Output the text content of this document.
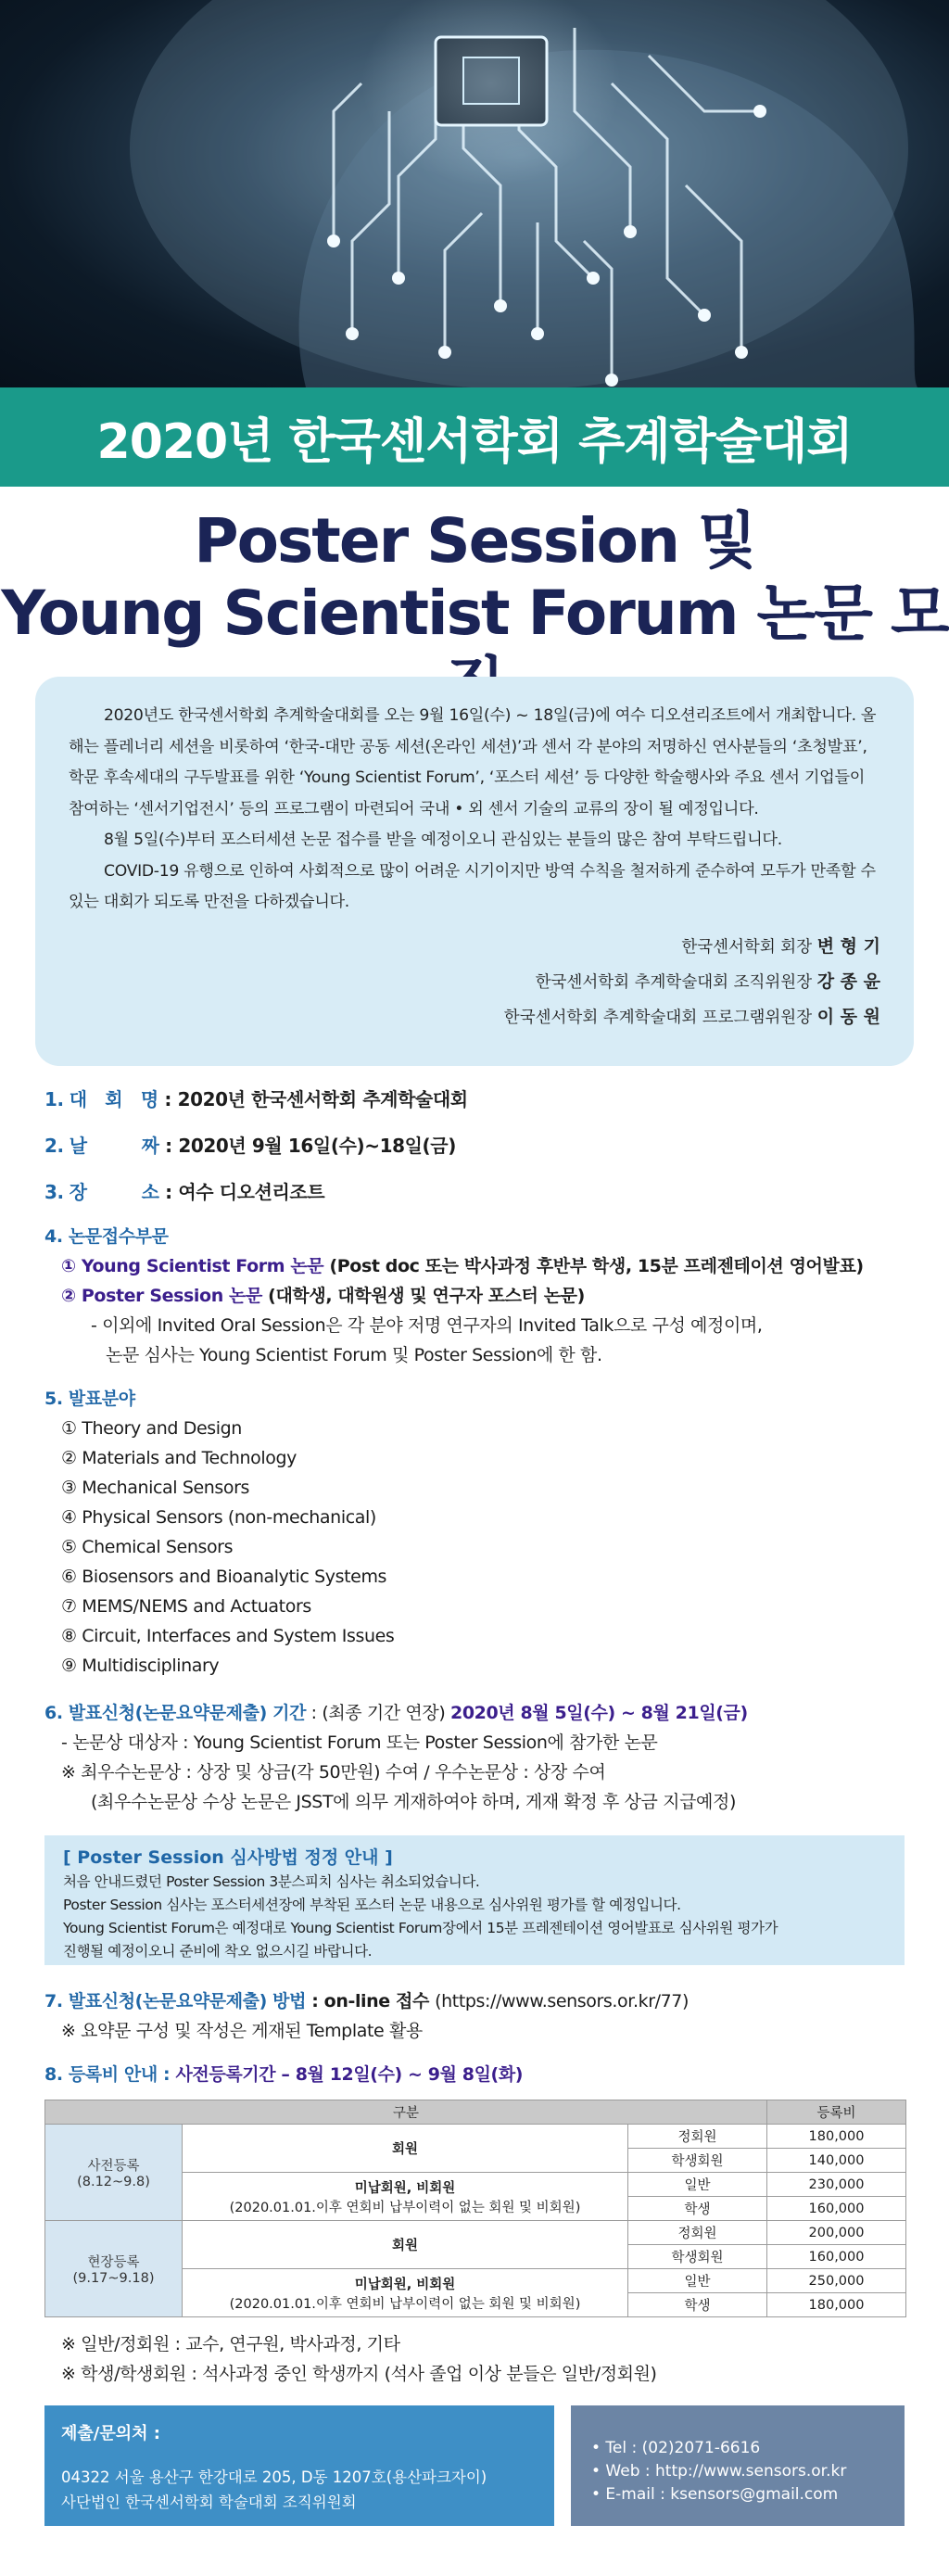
2020년 한국센서학회 추계학술대회
Poster Session 및
Young Scientist Forum 논문 모

2020년도 한국센서학회 추계학술대회를 오는 9월 16일(수) ~ 18일(금)에 여수 디오션리조트에서 개최합니다. 올해는 플레너리 세션을 비롯하여 ‘한국-대만 공동 세션(온라인 세션)’과 센서 각 분야의 저명하신 연사분들의 ‘초청발표’, 학문 후속세대의 구두발표를 위한 ‘Young Scientist Forum’, ‘포스터 세션’ 등 다양한 학술행사와 주요 센서 기업들이 참여하는 ‘센서기업전시’ 등의 프로그램이 마련되어 국내 • 외 센서 기술의 교류의 장이 될 예정입니다.

8월 5일(수)부터 포스터세션 논문 접수를 받을 예정이오니 관심있는 분들의 많은 참여 부탁드립니다.

COVID-19 유행으로 인하여 사회적으로 많이 어려운 시기이지만 방역 수칙을 철저하게 준수하여 모두가 만족할 수 있는 대회가 되도록 만전을 다하겠습니다.

한국센서학회 회장 변 형 기
한국센서학회 추계학술대회 조직위원장 강 종 윤
한국센서학회 추계학술대회 프로그램위원장 이 동 원
1. 대   회   명 : 2020년 한국센서학회 추계학술대회
2. 날         짜 : 2020년 9월 16일(수)~18일(금)
3. 장         소 : 여수 디오션리조트
4. 논문접수부문
① Young Scientist Form 논문 (Post doc 또는 박사과정 후반부 학생, 15분 프레젠테이션 영어발표)
② Poster Session 논문 (대학생, 대학원생 및 연구자 포스터 논문)
- 이외에 Invited Oral Session은 각 분야 저명 연구자의 Invited Talk으로 구성 예정이며,
논문 심사는 Young Scientist Forum 및 Poster Session에 한 함.
5. 발표분야
① Theory and Design
② Materials and Technology
③ Mechanical Sensors
④ Physical Sensors (non-mechanical)
⑤ Chemical Sensors
⑥ Biosensors and Bioanalytic Systems
⑦ MEMS/NEMS and Actuators
⑧ Circuit, Interfaces and System Issues
⑨ Multidisciplinary
6. 발표신청(논문요약문제출) 기간 : (최종 기간 연장) 2020년 8월 5일(수) ~ 8월 21일(금)
- 논문상 대상자 : Young Scientist Forum 또는 Poster Session에 참가한 논문
※ 최우수논문상 : 상장 및 상금(각 50만원) 수여 / 우수논문상 : 상장 수여
(최우수논문상 수상 논문은 JSST에 의무 게재하여야 하며, 게재 확정 후 상금 지급예정)
[ Poster Session 심사방법 정정 안내 ]
처음 안내드렸던 Poster Session 3분스피치 심사는 취소되었습니다.
Poster Session 심사는 포스터세션장에 부착된 포스터 논문 내용으로 심사위원 평가를 할 예정입니다.
Young Scientist Forum은 예정대로 Young Scientist Forum장에서 15분 프레젠테이션 영어발표로 심사위원 평가가
진행될 예정이오니 준비에 착오 없으시길 바랍니다.
7. 발표신청(논문요약문제출) 방법 : on-line 접수 (https://www.sensors.or.kr/77)
※ 요약문 구성 및 작성은 게재된 Template 활용
8. 등록비 안내 : 사전등록기간 – 8월 12일(수) ~ 9월 8일(화)
구분			등록비

사전등록
(8.12~9.8)	회원	정회원	180,000
		학생회원	140,000

	미납회원, 비회원
(2020.01.01.이후 연회비 납부이력이 없는 회원 및 비회원)	일반	230,000
		학생	160,000

현장등록
(9.17~9.18)	회원	정회원	200,000
		학생회원	160,000

	미납회원, 비회원
(2020.01.01.이후 연회비 납부이력이 없는 회원 및 비회원)	일반	250,000
		학생	180,000
※ 일반/정회원 : 교수, 연구원, 박사과정, 기타
※ 학생/학생회원 : 석사과정 중인 학생까지 (석사 졸업 이상 분들은 일반/정회원)
제출/문의처 :
04322 서울 용산구 한강대로 205, D동 1207호(용산파크자이)
사단법인 한국센서학회 학술대회 조직위원회
• Tel : (02)2071-6616
• Web : http://www.sensors.or.kr
• E-mail : ksensors@gmail.com
